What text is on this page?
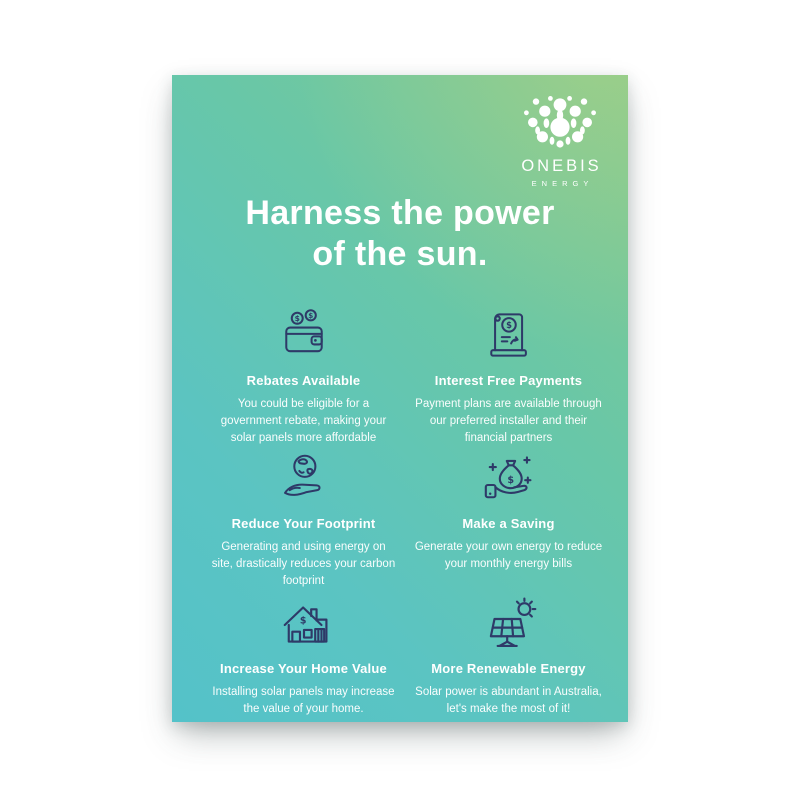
ONEBIS
ENERGY
Harness the power
of the sun.
$ $
Rebates Available
You could be eligible for a government rebate, making your solar panels more affordable
$
Interest Free Payments
Payment plans are available through our preferred installer and their financial partners
Reduce Your Footprint
Generating and using energy on site, drastically reduces your carbon footprint
$
Make a Saving
Generate your own energy to reduce your monthly energy bills
$
Increase Your Home Value
Installing solar panels may increase the value of your home.
More Renewable Energy
Solar power is abundant in Australia, let's make the most of it!
